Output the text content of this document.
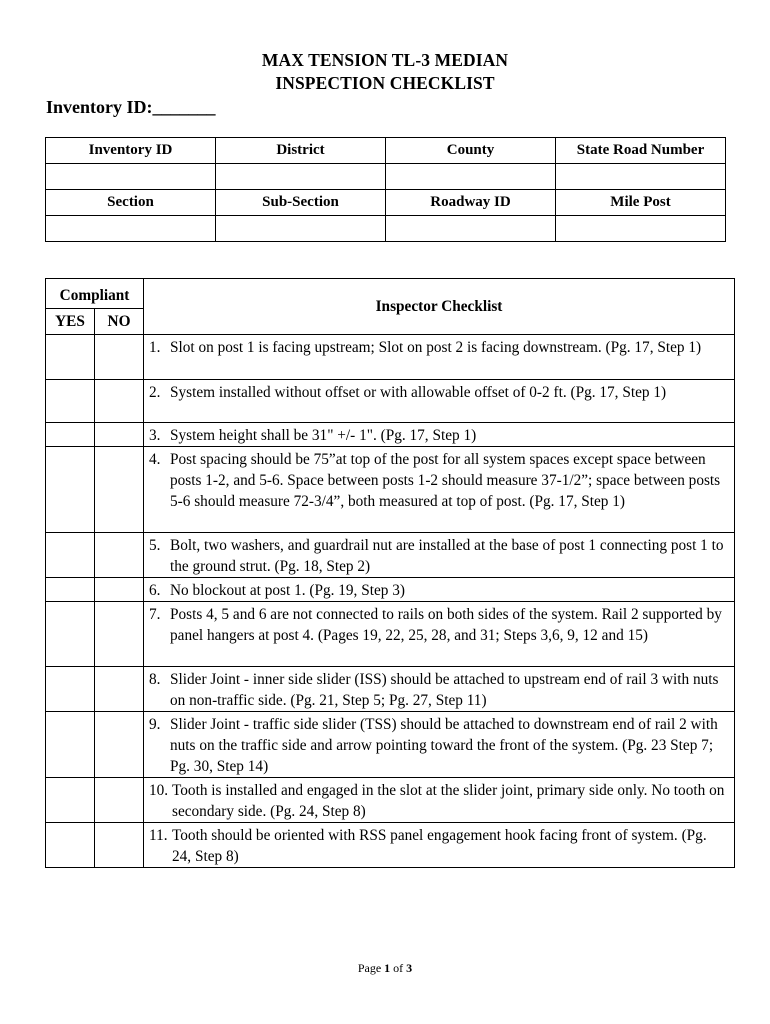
MAX TENSION TL-3 MEDIAN
INSPECTION CHECKLIST
Inventory ID:_______
Inventory ID	District	County	State Road Number

Section	Sub-Section	Roadway ID	Mile Post

Compliant		Inspector Checklist
YES	NO	

		1. Slot on post 1 is facing upstream; Slot on post 2 is facing downstream. (Pg. 17, Step 1)

		2. System installed without offset or with allowable offset of 0-2 ft. (Pg. 17, Step 1)

		3. System height shall be 31" +/- 1". (Pg. 17, Step 1)

		4. Post spacing should be 75”at top of the post for all system spaces except space between posts 1-2, and 5-6. Space between posts 1-2 should measure 37-1/2”; space between posts 5-6 should measure 72-3/4”, both measured at top of post. (Pg. 17, Step 1)

		5. Bolt, two washers, and guardrail nut are installed at the base of post 1 connecting post 1 to the ground strut. (Pg. 18, Step 2)

		6. No blockout at post 1. (Pg. 19, Step 3)

		7. Posts 4, 5 and 6 are not connected to rails on both sides of the system. Rail 2 supported by panel hangers at post 4. (Pages 19, 22, 25, 28, and 31; Steps 3,6, 9, 12 and 15)

		8. Slider Joint - inner side slider (ISS) should be attached to upstream end of rail 3 with nuts on non-traffic side. (Pg. 21, Step 5; Pg. 27, Step 11)

		9. Slider Joint - traffic side slider (TSS) should be attached to downstream end of rail 2 with nuts on the traffic side and arrow pointing toward the front of the system. (Pg. 23 Step 7; Pg. 30, Step 14)

		10. Tooth is installed and engaged in the slot at the slider joint, primary side only. No tooth on secondary side. (Pg. 24, Step 8)

		11. Tooth should be oriented with RSS panel engagement hook facing front of system. (Pg. 24, Step 8)
Page 1 of 3
